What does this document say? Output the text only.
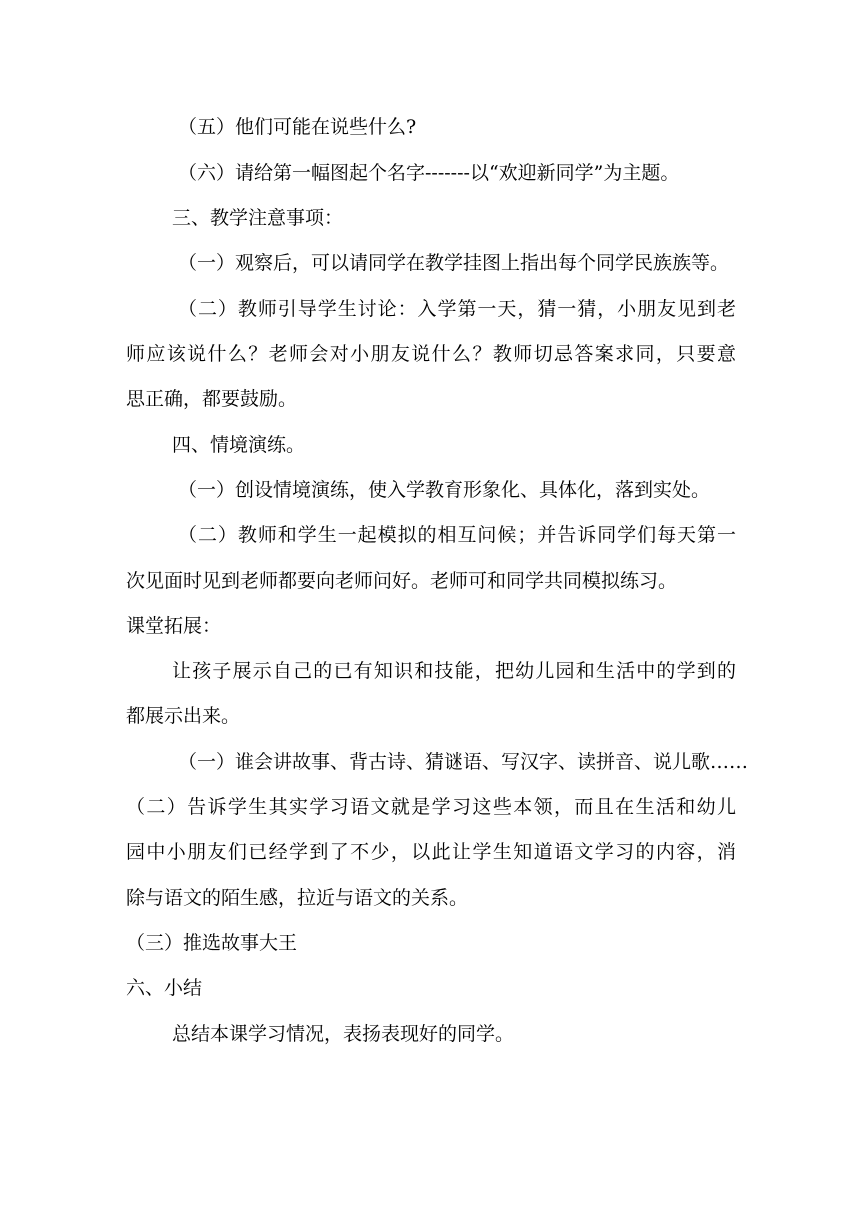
（五）他们可能在说些什么?
（六）请给第一幅图起个名字-------以“欢迎新同学”为主题。
三、教学注意事项：
（一）观察后，可以请同学在教学挂图上指出每个同学民族族等。
（二）教师引导学生讨论：入学第一天，猜一猜，小朋友见到老
师应该说什么？老师会对小朋友说什么？教师切忌答案求同，只要意
思正确，都要鼓励。
四、情境演练。
（一）创设情境演练，使入学教育形象化、具体化，落到实处。
（二）教师和学生一起模拟的相互问候；并告诉同学们每天第一
次见面时见到老师都要向老师问好。老师可和同学共同模拟练习。
课堂拓展：
让孩子展示自己的已有知识和技能，把幼儿园和生活中的学到的
都展示出来。
（一）谁会讲故事、背古诗、猜谜语、写汉字、读拼音、说儿歌……
（二）告诉学生其实学习语文就是学习这些本领，而且在生活和幼儿
园中小朋友们已经学到了不少，以此让学生知道语文学习的内容，消
除与语文的陌生感，拉近与语文的关系。
（三）推选故事大王
六、小结
总结本课学习情况，表扬表现好的同学。
